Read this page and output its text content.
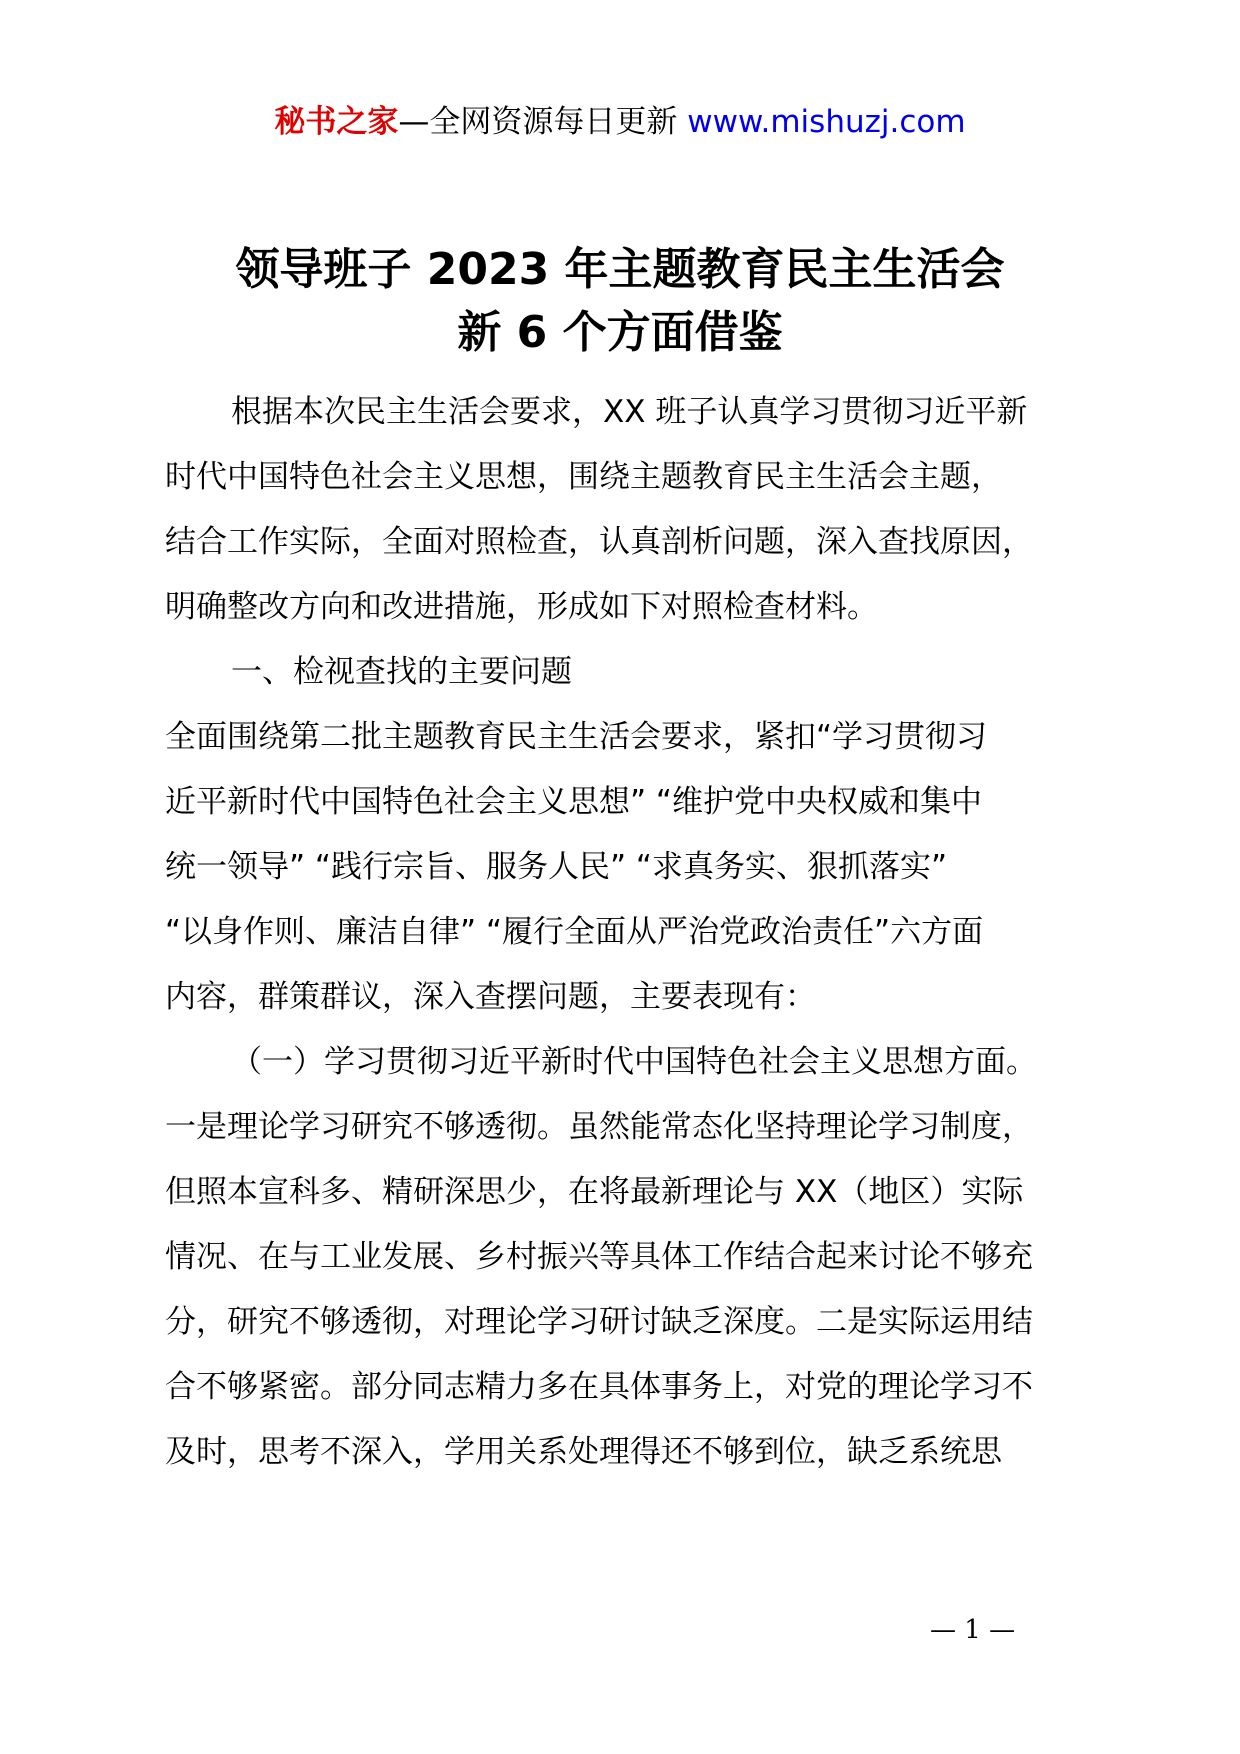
秘书之家—全网资源每日更新 www.mishuzj.com
领导班子 2023 年主题教育民主生活会
新 6 个方面借鉴
根据本次民主生活会要求，XX 班子认真学习贯彻习近平新
时代中国特色社会主义思想，围绕主题教育民主生活会主题，
结合工作实际，全面对照检查，认真剖析问题，深入查找原因，
明确整改方向和改进措施，形成如下对照检查材料。
一、检视查找的主要问题
全面围绕第二批主题教育民主生活会要求，紧扣“学习贯彻习
近平新时代中国特色社会主义思想” “维护党中央权威和集中
统一领导” “践行宗旨、服务人民” “求真务实、狠抓落实”
“以身作则、廉洁自律” “履行全面从严治党政治责任”六方面
内容，群策群议，深入查摆问题，主要表现有：
（一）学习贯彻习近平新时代中国特色社会主义思想方面。
一是理论学习研究不够透彻。虽然能常态化坚持理论学习制度，
但照本宣科多、精研深思少，在将最新理论与 XX（地区）实际
情况、在与工业发展、乡村振兴等具体工作结合起来讨论不够充
分，研究不够透彻，对理论学习研讨缺乏深度。二是实际运用结
合不够紧密。部分同志精力多在具体事务上，对党的理论学习不
及时，思考不深入，学用关系处理得还不够到位，缺乏系统思
— 1 —
